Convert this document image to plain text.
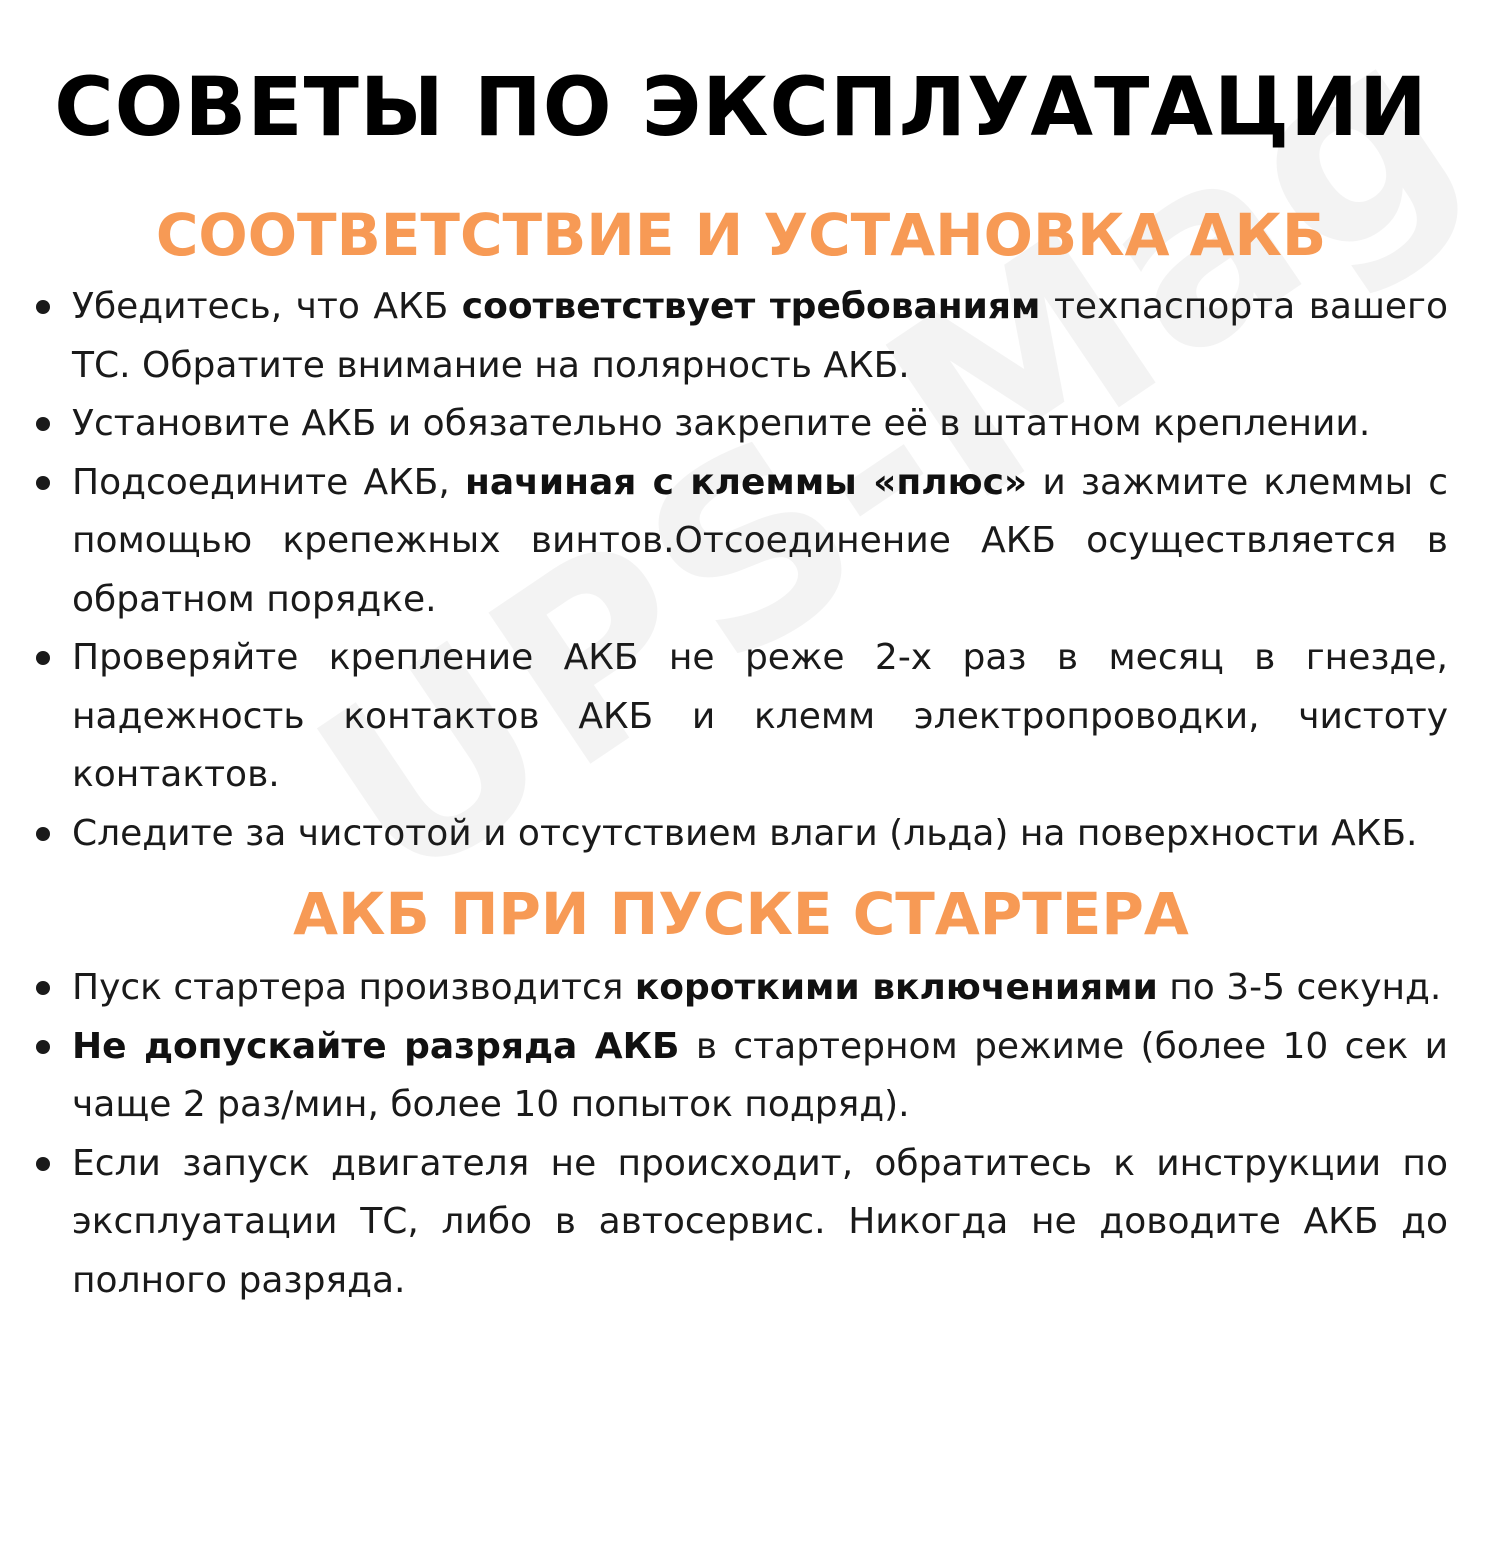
СОВЕТЫ ПО ЭКСПЛУАТАЦИИ
СООТВЕТСТВИЕ И УСТАНОВКА АКБ
Убедитесь, что АКБ соответствует требованиям техпаспорта вашего ТС. Обратите внимание на полярность АКБ.
Установите АКБ и обязательно закрепите её в штатном креплении.
Подсоедините АКБ, начиная с клеммы «плюс» и зажмите клеммы с помощью крепежных винтов.Отсоединение АКБ осуществляется в обратном порядке.
Проверяйте крепление АКБ не реже 2-х раз в месяц в гнезде, надежность контактов АКБ и клемм электропроводки, чистоту контактов.
Следите за чистотой и отсутствием влаги (льда) на поверхности АКБ.
АКБ ПРИ ПУСКЕ СТАРТЕРА
Пуск стартера производится короткими включениями по 3-5 секунд.
Не допускайте разряда АКБ в стартерном режиме (более 10 сек и чаще 2 раз/мин, более 10 попыток подряд).
Если запуск двигателя не происходит, обратитесь к инструкции по эксплуатации ТС, либо в автосервис. Никогда не доводите АКБ до полного разряда.
